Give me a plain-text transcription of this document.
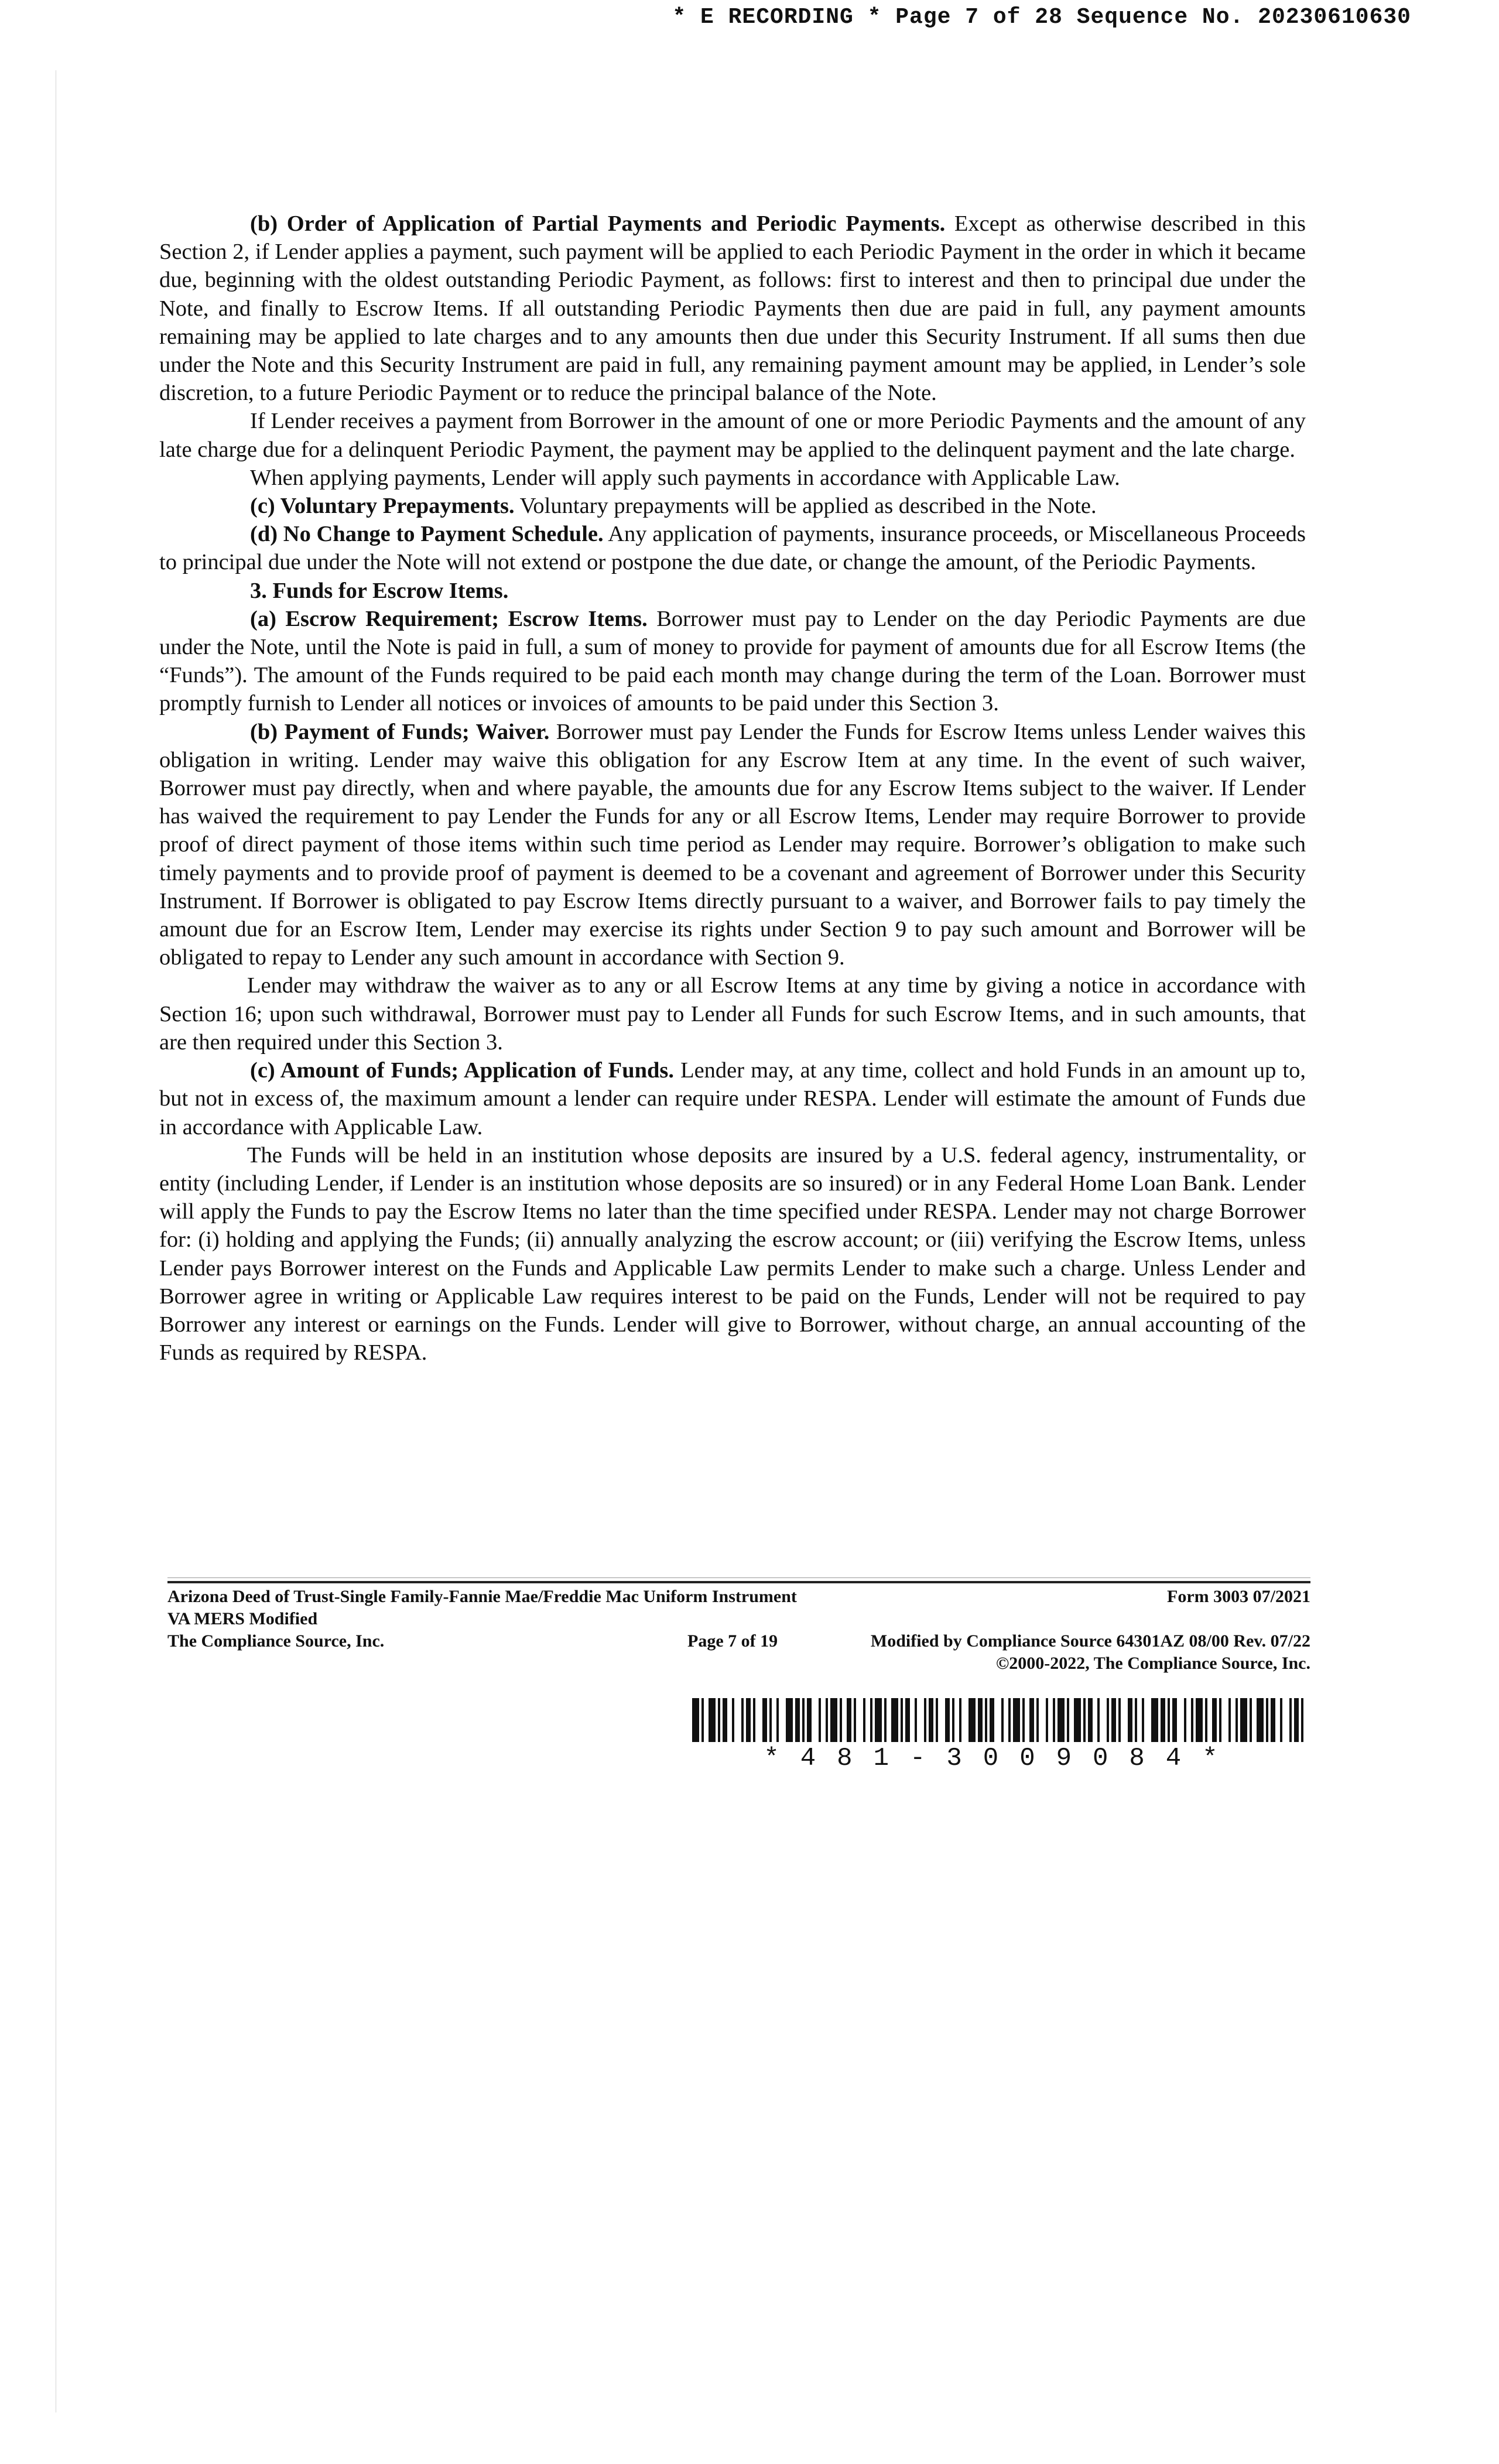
* E RECORDING * Page 7 of 28 Sequence No. 20230610630

(b) Order of Application of Partial Payments and Periodic Payments. Except as otherwise described in this Section 2, if Lender applies a payment, such payment will be applied to each Periodic Payment in the order in which it became due, beginning with the oldest outstanding Periodic Payment, as follows: first to interest and then to principal due under the Note, and finally to Escrow Items. If all outstanding Periodic Payments then due are paid in full, any payment amounts remaining may be applied to late charges and to any amounts then due under this Security Instrument. If all sums then due under the Note and this Security Instrument are paid in full, any remaining payment amount may be applied, in Lender’s sole discretion, to a future Periodic Payment or to reduce the principal balance of the Note.

If Lender receives a payment from Borrower in the amount of one or more Periodic Payments and the amount of any late charge due for a delinquent Periodic Payment, the payment may be applied to the delinquent payment and the late charge.

When applying payments, Lender will apply such payments in accordance with Applicable Law.

(c) Voluntary Prepayments. Voluntary prepayments will be applied as described in the Note.

(d) No Change to Payment Schedule. Any application of payments, insurance proceeds, or Miscellaneous Proceeds to principal due under the Note will not extend or postpone the due date, or change the amount, of the Periodic Payments.

3. Funds for Escrow Items.

(a) Escrow Requirement; Escrow Items. Borrower must pay to Lender on the day Periodic Payments are due under the Note, until the Note is paid in full, a sum of money to provide for payment of amounts due for all Escrow Items (the “Funds”). The amount of the Funds required to be paid each month may change during the term of the Loan. Borrower must promptly furnish to Lender all notices or invoices of amounts to be paid under this Section 3.

(b) Payment of Funds; Waiver. Borrower must pay Lender the Funds for Escrow Items unless Lender waives this obligation in writing. Lender may waive this obligation for any Escrow Item at any time. In the event of such waiver, Borrower must pay directly, when and where payable, the amounts due for any Escrow Items subject to the waiver. If Lender has waived the requirement to pay Lender the Funds for any or all Escrow Items, Lender may require Borrower to provide proof of direct payment of those items within such time period as Lender may require. Borrower’s obligation to make such timely payments and to provide proof of payment is deemed to be a covenant and agreement of Borrower under this Security Instrument. If Borrower is obligated to pay Escrow Items directly pursuant to a waiver, and Borrower fails to pay timely the amount due for an Escrow Item, Lender may exercise its rights under Section 9 to pay such amount and Borrower will be obligated to repay to Lender any such amount in accordance with Section 9.

Lender may withdraw the waiver as to any or all Escrow Items at any time by giving a notice in accordance with Section 16; upon such withdrawal, Borrower must pay to Lender all Funds for such Escrow Items, and in such amounts, that are then required under this Section 3.

(c) Amount of Funds; Application of Funds. Lender may, at any time, collect and hold Funds in an amount up to, but not in excess of, the maximum amount a lender can require under RESPA. Lender will estimate the amount of Funds due in accordance with Applicable Law.

The Funds will be held in an institution whose deposits are insured by a U.S. federal agency, instrumentality, or entity (including Lender, if Lender is an institution whose deposits are so insured) or in any Federal Home Loan Bank. Lender will apply the Funds to pay the Escrow Items no later than the time specified under RESPA. Lender may not charge Borrower for: (i) holding and applying the Funds; (ii) annually analyzing the escrow account; or (iii) verifying the Escrow Items, unless Lender pays Borrower interest on the Funds and Applicable Law permits Lender to make such a charge. Unless Lender and Borrower agree in writing or Applicable Law requires interest to be paid on the Funds, Lender will not be required to pay Borrower any interest or earnings on the Funds. Lender will give to Borrower, without charge, an annual accounting of the Funds as required by RESPA.

Arizona Deed of Trust-Single Family-Fannie Mae/Freddie Mac Uniform Instrument	Form 3003 07/2021
VA MERS Modified
The Compliance Source, Inc.	Page 7 of 19	Modified by Compliance Source 64301AZ 08/00 Rev. 07/22
©2000-2022, The Compliance Source, Inc.
*481-3009084*
